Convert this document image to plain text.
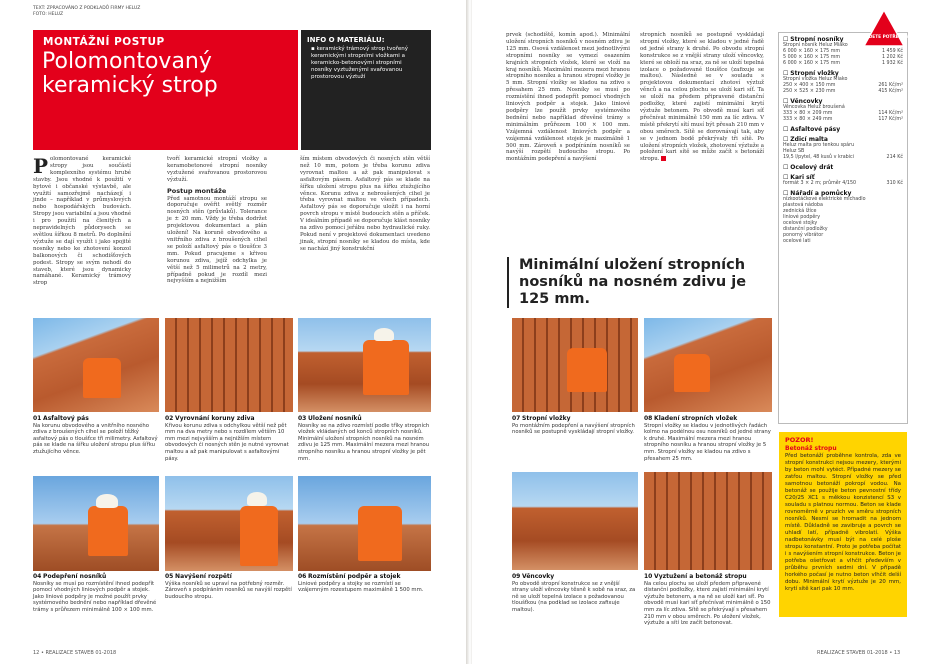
TEXT: ZPRACOVÁNO Z PODKLADŮ FIRMY HELUZ
FOTO: HELUZ
MONTÁŽNÍ POSTUP
Polomontovaný keramický strop
INFO O MATERIÁLU:
▪ keramický trámový strop tvořený keramickými stropními vložkami a keramicko-betonovými stropními nosníky vyztuženými svařovanou prostorovou výztuží
Polomontované keramické stropy jsou součástí komplexního systému hrubé stavby. Jsou vhodné k použití v bytové i občanské výstavbě, ale využití samozřejmě nacházejí i jinde – například v průmyslových nebo hospodářských budovách. Stropy jsou variabilní a jsou vhodné i pro použití na členitých a nepravidelných půdorysech se světlou šířkou 8 metrů. Po doplnění výztuže se dají využít i jako spojité nosníky nebo ke zhotovení konzol balkonových či schodišťových podest. Stropy se svým nehodí do staveb, které jsou dynamicky namáhané. Keramický trámový strop
tvoří keramické stropní vložky a keramobetonové stropní nosníky vyztužené svařovanou prostorovou výztuží.
Postup montáže
Před samotnou montáží stropu se doporučuje ověřit světlý rozměr nosných stěn (průvlaků). Tolerance je ± 20 mm. Vždy je třeba dodržet projektovou dokumentaci a plán uložení! Na koruně obvodového a vnitřního zdiva z broušených cihel se položí asfaltový pás o tloušťce 3 mm. Pokud pracujeme s křivou korunou zdiva, jejíž odchylka je větší než 5 milimetrů na 2 metry, případně pokud je rozdíl mezi nejvyšším a nejnižším
ším místem obvodových či nosných stěn větší než 10 mm, potom je třeba korunu zdiva vyrovnat maltou a až pak manipulovat s asfaltovým pásem. Asfaltový pás se klade na šířku uložení stropu plus na šířku ztužujícího věnce. Korunu zdiva z nebroušených cihel je třeba vyrovnat maltou ve všech případech. Asfaltový pás se doporučuje uložit i na horní povrch stropu v místě budoucích stěn a příček. V ideálním případě se doporučuje klást nosníky na zdivo pomocí jeřábu nebo hydraulické ruky. Pokud není v projektové dokumentaci uvedeno jinak, stropní nosníky se kladou do místa, kde se nachází jiný konstrukční
01 Asfaltový pás
Na korunu obvodového a vnitřního nosného zdiva z broušených cihel se položí těžký asfaltový pás o tloušťce tři milimetry. Asfaltový pás se klade na šířku uložení stropu plus šířku ztužujícího věnce.
02 Vyrovnání koruny zdiva
Křivou korunu zdiva s odchylkou větší než pět mm na dva metry nebo s rozdílem větším 10 mm mezi nejvyšším a nejnižším místem obvodových či nosných stěn je nutné vyrovnat maltou a až pak manipulovat s asfaltovými pásy.
03 Uložení nosníků
Nosníky se na zdivo rozmístí podle tříky stropních vložek vkládaných od konců stropních nosníků. Minimální uložení stropních nosníků na nosném zdivu je 125 mm. Maximální mezera mezi hranou stropního nosníku a hranou stropní vložky je pět mm.
04 Podepření nosníků
Nosníky se musí po rozmístění ihned podepřít pomocí vhodných liniových podpěr a stojek. Jako liniové podpěry je možné použít prvky systémového bednění nebo například dřevěné trámy s průřezem minimálně 100 × 100 mm.
05 Navýšení rozpětí
Výška nosníků se upraví na potřebný rozměr. Zároveň s podpíráním nosníků se navýší rozpětí budoucího stropu.
06 Rozmístění podpěr a stojek
Liniové podpěry a stojky se rozmístí se vzájemným rozestupem maximálně 1 500 mm.
12 • REALIZACE STAVEB 01-2018
prvek (schodiště, komín apod.). Minimální uložení stropních nosníků v nosném zdivu je 125 mm. Osová vzdálenost mezi jednotlivými stropními nosníky se vymezí osazením krajních stropních vložek, které se vloží na kraj nosníků. Maximální mezera mezi hranou stropního nosníku a hranou stropní vložky je 5 mm. Stropní vložky se kladou na zdivo s přesahem 25 mm. Nosníky se musí po rozmístění ihned podepřít pomocí vhodných liniových podpěr a stojek. Jako liniové podpěry lze použít prvky systémového bednění nebo například dřevěné trámy s minimálním průřezem 100 × 100 mm. Vzájemná vzdálenost liniových podpěr a vzájemná vzdálenost stojek je maximálně 1 500 mm. Zároveň s podpíráním nosníků se navýší rozpětí budoucího stropu. Po montážním podepření a navýšení
stropních nosníků se postupně vyskládají stropní vložky, které se kladou v jedné řadě od jedné strany k druhé. Po obvodu stropní konstrukce se z vnější strany uloží věncovky, které se obloží na sraz, za ně se uloží tepelná izolace o požadované tloušťce (zafixuje se maltou). Následně se v souladu s projektovou dokumentací zhotoví výztuž věnců a na celou plochu se uloží kari síť. Ta se uloží na předem připravené distanční podložky, které zajistí minimální krytí výztuže betonem. Po obvodě musí kari síť přečnívat minimálně 150 mm za líc zdiva. V místě překrytí sítí musí být přesah 210 mm v obou směrech. Sítě se dorovnávají tak, aby se v jednom bodě překrývaly tři sítě. Po uložení stropních vložek, zhotovení výztuže a položení kari sítě se může začít s betonáží stropu.
Minimální uložení stropních nosníků na nosném zdivu je 125 mm.
07 Stropní vložky
Po montážním podepření a navýšení stropních nosníků se postupně vyskládají stropní vložky.
08 Kladení stropních vložek
Stropní vložky se kladou v jednotlivých řadách kolmo na podélnou osu nosníků od jedné strany k druhé. Maximální mezera mezi hranou stropního nosníku a hranou stropní vložky je 5 mm. Stropní vložky se kladou na zdivo s přesahem 25 mm.
09 Věncovky
Po obvodě stropní konstrukce se z vnější strany uloží věncovky těsně k sobě na sraz, za ně se uloží tepelná izolace s požadovanou tloušťkou (na podklad se izolace zafixuje maltou).
10 Vyztužení a betonáž stropu
Na celou plochu se uloží předem připravené distanční podložky, které zajistí minimální krytí výztuže betonem, a na ně se uloží kari síť. Po obvodě musí kari síť přečnívat minimálně o 150 mm za líc zdiva. Sítě se překrývají s přesahem 210 mm v obou směrech. Po uložení vložek, výztuže a sítí lze začít betonovat.
☐ Stropní nosníky
Stropní nosník Heluz Miako
6 000 × 160 × 175 mm	1 459 Kč
5 000 × 160 × 175 mm	1 202 Kč
6 000 × 160 × 175 mm	1 932 Kč
☐ Stropní vložky
Stropní vložka Heluz Miako
250 × 400 × 150 mm	261 Kč/m²
250 × 525 × 230 mm	415 Kč/m²
☐ Věncovky
Věncovka Heluz broušená
333 × 80 × 209 mm	114 Kč/m²
333 × 80 × 249 mm	117 Kč/m²
☐ Asfaltové pásy
☐ Zdicí malta
Heluz malta pro tenkou spáru
Heluz SB
19,5 l/pytel, 48 kusů v krabici	214 Kč
☐ Ocelový drát
☐ Kari síť
formát 3 × 2 m; průměr 4/150	310 Kč
☐ Nářadí a pomůcky
nízkootáčkové elektrické míchadlo
plastová nádoba
zednická lžíce
liniové podpěry
ocelové stojky
distanční podložky
ponorný vibrátor
ocelové lati
CO BUDETE POTŘEBOVAT
POZOR!
Betonáž stropu
Před betonáží proběhne kontrola, zda ve stropní konstrukci nejsou mezery, kterými by beton mohl vytéct. Případné mezery se zatřou maltou. Stropní vložky se před samotnou betonáží pokropí vodou. Na betonáž se použije beton pevnostní třídy C20/25 XC1 s měkkou konzistencí S3 v souladu s platnou normou. Beton se klade rovnoměrně v pruzích ve směru stropních nosníků. Nesmí se hromadit na jednom místě. Důkladně se zavibruje a povrch se uhladí latí, případně vibrolatí. Výška nadbetonávky musí být na celé ploše stropu konstantní. Proto je potřeba počítat i s navýšením stropní konstrukce. Beton je potřeba ošetřovat a vlhčit především v průběhu prvních sedmi dní. V případě horkého počasí je nutno beton vlhčit delší dobu. Minimální krytí výztuže je 20 mm, krytí sítě kari pak 10 mm.
REALIZACE STAVEB 01-2018 • 13
